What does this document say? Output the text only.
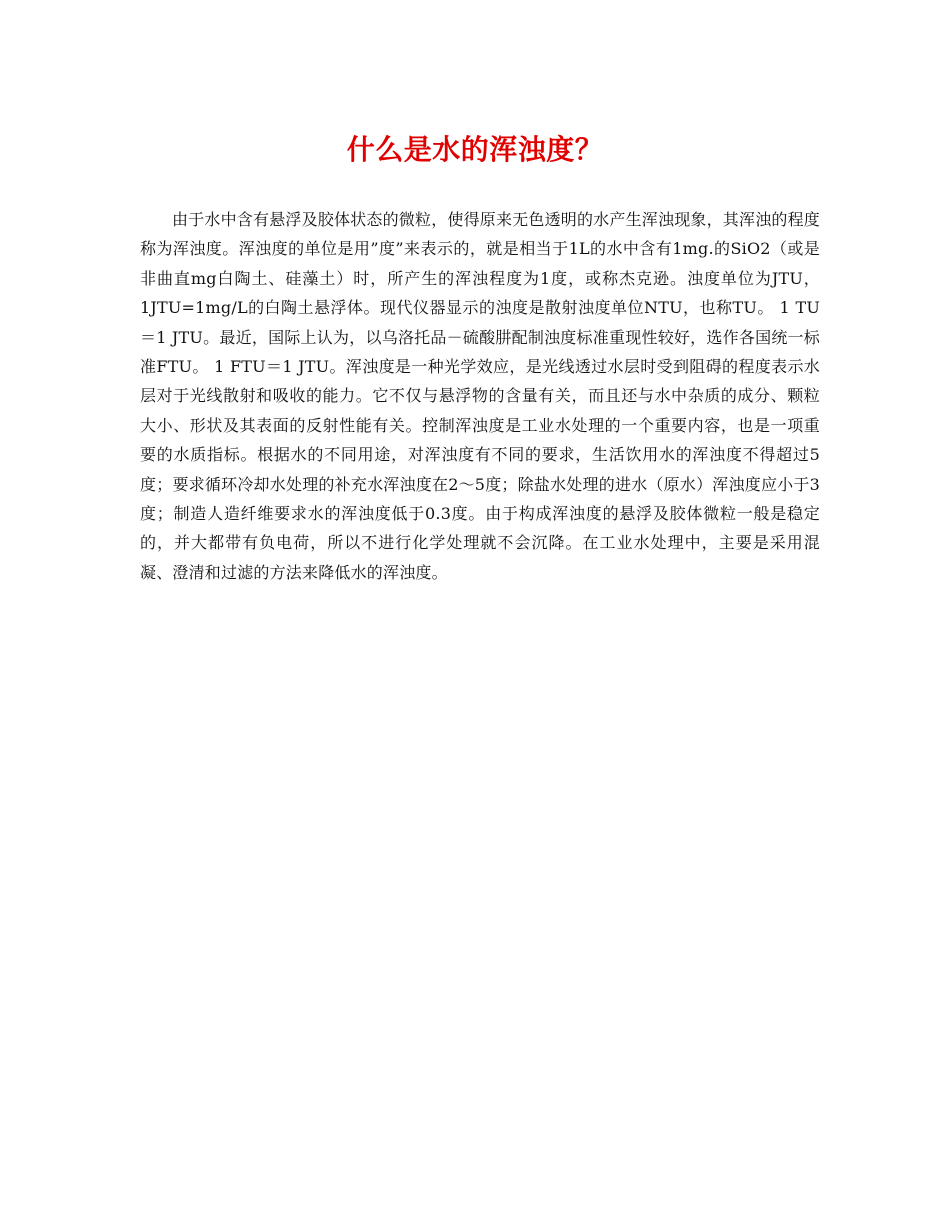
什么是水的浑浊度？

由于水中含有悬浮及胶体状态的微粒，使得原来无色透明的水产生浑浊现象，其浑浊的程度称为浑浊度。浑浊度的单位是用”度”来表示的，就是相当于1L的水中含有1mg.的SiO2（或是非曲直mg白陶土、硅藻土）时，所产生的浑浊程度为1度，或称杰克逊。浊度单位为JTU，1JTU=1mg/L的白陶土悬浮体。现代仪器显示的浊度是散射浊度单位NTU，也称TU。 1 TU＝1 JTU。最近，国际上认为，以乌洛托品－硫酸肼配制浊度标准重现性较好，选作各国统一标准FTU。 1 FTU＝1 JTU。浑浊度是一种光学效应，是光线透过水层时受到阻碍的程度表示水层对于光线散射和吸收的能力。它不仅与悬浮物的含量有关，而且还与水中杂质的成分、颗粒大小、形状及其表面的反射性能有关。控制浑浊度是工业水处理的一个重要内容，也是一项重要的水质指标。根据水的不同用途，对浑浊度有不同的要求，生活饮用水的浑浊度不得超过5度；要求循环冷却水处理的补充水浑浊度在2～5度；除盐水处理的进水（原水）浑浊度应小于3度；制造人造纤维要求水的浑浊度低于0.3度。由于构成浑浊度的悬浮及胶体微粒一般是稳定的，并大都带有负电荷，所以不进行化学处理就不会沉降。在工业水处理中，主要是采用混凝、澄清和过滤的方法来降低水的浑浊度。
